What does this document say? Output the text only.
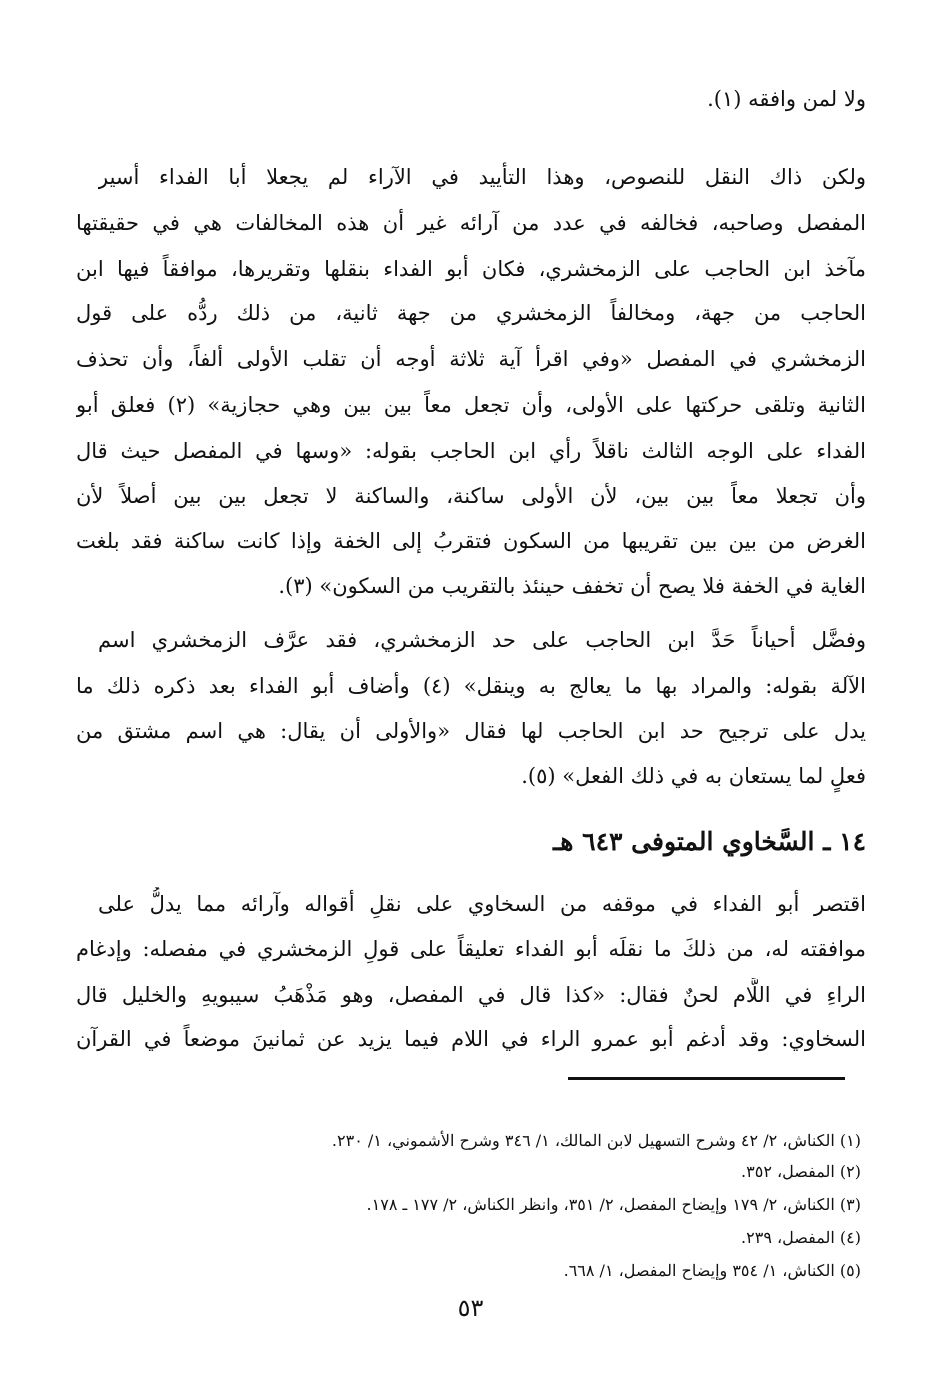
ولا لمن وافقه (١).
ولكن ذاك النقل للنصوص، وهذا التأييد في الآراء لم يجعلا أبا الفداء أسير
المفصل وصاحبه، فخالفه في عدد من آرائه غير أن هذه المخالفات هي في حقيقتها
مآخذ ابن الحاجب على الزمخشري، فكان أبو الفداء بنقلها وتقريرها، موافقاً فيها ابن
الحاجب من جهة، ومخالفاً الزمخشري من جهة ثانية، من ذلك ردُّه على قول
الزمخشري في المفصل «وفي اقرأ آية ثلاثة أوجه أن تقلب الأولى ألفاً، وأن تحذف
الثانية وتلقى حركتها على الأولى، وأن تجعل معاً بين بين وهي حجازية» (٢) فعلق أبو
الفداء على الوجه الثالث ناقلاً رأي ابن الحاجب بقوله: «وسها في المفصل حيث قال
وأن تجعلا معاً بين بين، لأن الأولى ساكنة، والساكنة لا تجعل بين بين أصلاً لأن
الغرض من بين بين تقريبها من السكون فتقربُ إلى الخفة وإذا كانت ساكنة فقد بلغت
الغاية في الخفة فلا يصح أن تخفف حينئذ بالتقريب من السكون» (٣).
وفضَّل أحياناً حَدَّ ابن الحاجب على حد الزمخشري، فقد عرَّف الزمخشري اسم
الآلة بقوله: والمراد بها ما يعالج به وينقل» (٤) وأضاف أبو الفداء بعد ذكره ذلك ما
يدل على ترجيح حد ابن الحاجب لها فقال «والأولى أن يقال: هي اسم مشتق من
فعلٍ لما يستعان به في ذلك الفعل» (٥).
١٤ ـ السَّخاوي المتوفى ٦٤٣ هـ
اقتصر أبو الفداء في موقفه من السخاوي على نقلِ أقواله وآرائه مما يدلُّ على
موافقته له، من ذلكَ ما نقلَه أبو الفداء تعليقاً على قولِ الزمخشري في مفصله: وإدغام
الراءِ في اللَّام لحنٌ فقال: «كذا قال في المفصل، وهو مَذْهَبُ سيبويهِ والخليل قال
السخاوي: وقد أدغم أبو عمرو الراء في اللام فيما يزيد عن ثمانينَ موضعاً في القرآن
(١) الكناش، ٢/ ٤٢ وشرح التسهيل لابن المالك، ١/ ٣٤٦ وشرح الأشموني، ١/ ٢٣٠.
(٢) المفصل، ٣٥٢.
(٣) الكناش، ٢/ ١٧٩ وإيضاح المفصل، ٢/ ٣٥١، وانظر الكناش، ٢/ ١٧٧ ـ ١٧٨.
(٤) المفصل، ٢٣٩.
(٥) الكناش، ١/ ٣٥٤ وإيضاح المفصل، ١/ ٦٦٨.
٥٣
